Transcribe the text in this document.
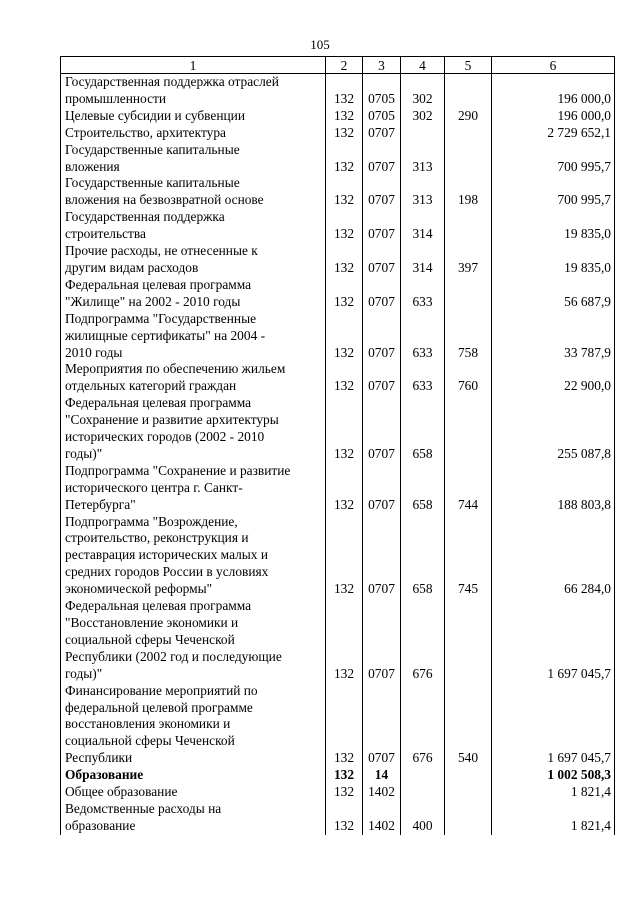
105
1	2	3	4	5	6
Государственная поддержка отраслей
промышленности	132	0705	302		196 000,0
Целевые субсидии и субвенции	132	0705	302	290	196 000,0
Строительство, архитектура	132	0707			2 729 652,1
Государственные капитальные
вложения	132	0707	313		700 995,7
Государственные капитальные
вложения на безвозвратной основе	132	0707	313	198	700 995,7
Государственная поддержка
строительства	132	0707	314		19 835,0
Прочие расходы, не отнесенные к
другим видам расходов	132	0707	314	397	19 835,0
Федеральная целевая программа
"Жилище" на 2002 - 2010 годы	132	0707	633		56 687,9
Подпрограмма "Государственные
жилищные сертификаты" на 2004 -
2010 годы	132	0707	633	758	33 787,9
Мероприятия по обеспечению жильем
отдельных категорий граждан	132	0707	633	760	22 900,0
Федеральная целевая программа
"Сохранение и развитие архитектуры
исторических городов (2002 - 2010
годы)"	132	0707	658		255 087,8
Подпрограмма "Сохранение и развитие
исторического центра г. Санкт-
Петербурга"	132	0707	658	744	188 803,8
Подпрограмма "Возрождение,
строительство, реконструкция и
реставрация исторических малых и
средних городов России в условиях
экономической реформы"	132	0707	658	745	66 284,0
Федеральная целевая программа
"Восстановление экономики и
социальной сферы Чеченской
Республики (2002 год и последующие
годы)"	132	0707	676		1 697 045,7
Финансирование мероприятий по
федеральной целевой программе
восстановления экономики и
социальной сферы Чеченской
Республики	132	0707	676	540	1 697 045,7
Образование	132	14			1 002 508,3
Общее образование	132	1402			1 821,4
Ведомственные расходы на
образование	132	1402	400		1 821,4
